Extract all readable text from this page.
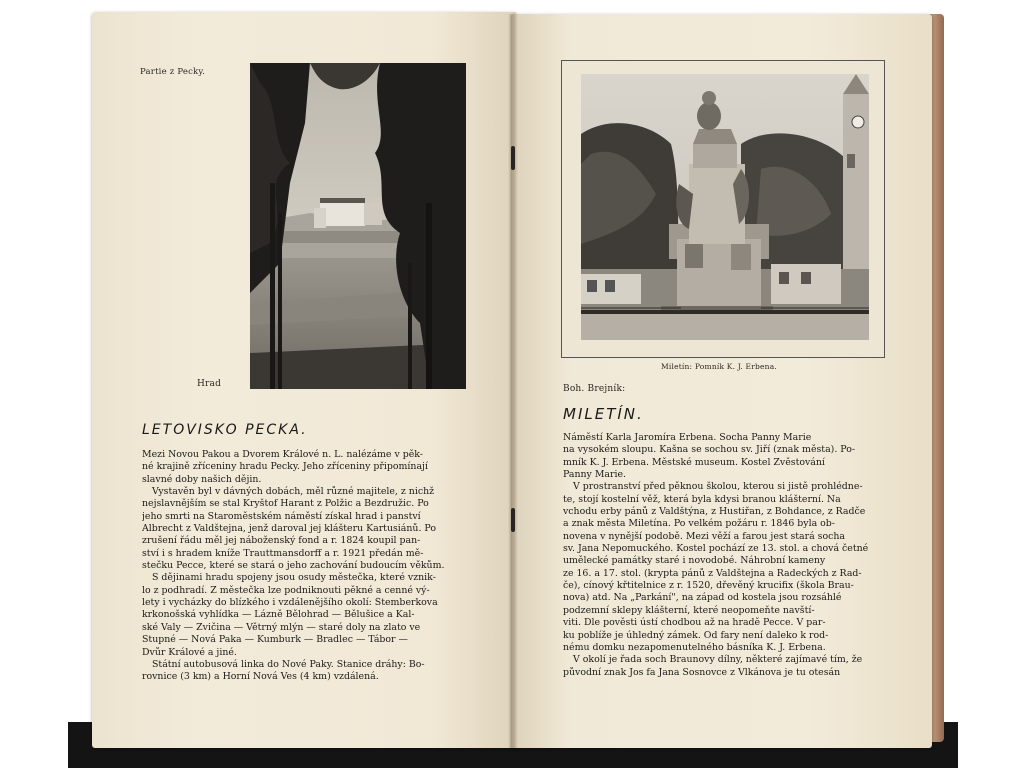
Partie z Pecky.
Hrad
LETOVISKO PECKA.
Mezi Novou Pakou a Dvorem Králové n. L. nalézáme v pěk-
né krajině zříceniny hradu Pecky. Jeho zříceniny připomínají
slavné doby našich dějin.
Vystavěn byl v dávných dobách, měl různé majitele, z nichž
nejslavnějším se stal Kryštof Harant z Polžic a Bezdružic. Po
jeho smrti na Staroměstském náměstí získal hrad i panství
Albrecht z Valdštejna, jenž daroval jej klášteru Kartusiánů. Po
zrušení řádu měl jej náboženský fond a r. 1824 koupil pan-
ství i s hradem kníže Trauttmansdorff a r. 1921 předán mě-
stečku Pecce, které se stará o jeho zachování budoucím věkům.
S dějinami hradu spojeny jsou osudy městečka, které vznik-
lo z podhradí. Z městečka lze podniknouti pěkné a cenné vý-
lety i vycházky do blízkého i vzdálenějšího okolí: Štemberkova
krkonošská vyhlídka — Lázně Bělohrad — Bělušice a Kal-
ské Valy — Zvičina — Větrný mlýn — staré doly na zlato ve
Stupné — Nová Paka — Kumburk — Bradlec — Tábor —
Dvůr Králové a jiné.
Státní autobusová linka do Nové Paky. Stanice dráhy: Bo-
rovnice (3 km) a Horní Nová Ves (4 km) vzdálená.
Miletín: Pomník K. J. Erbena.
Boh. Brejník:
MILETÍN.
Náměstí Karla Jaromíra Erbena. Socha Panny Marie
na vysokém sloupu. Kašna se sochou sv. Jiří (znak města). Po-
mník K. J. Erbena. Městské museum. Kostel Zvěstování
Panny Marie.
V prostranství před pěknou školou, kterou si jistě prohlédne-
te, stojí kostelní věž, která byla kdysi branou klášterní. Na
vchodu erby pánů z Valdštýna, z Hustiřan, z Bohdance, z Radče
a znak města Miletína. Po velkém požáru r. 1846 byla ob-
novena v nynější podobě. Mezi věží a farou jest stará socha
sv. Jana Nepomuckého. Kostel pochází ze 13. stol. a chová četné
umělecké památky staré i novodobé. Náhrobní kameny
ze 16. a 17. stol. (krypta pánů z Valdštejna a Radeckých z Rad-
če), cínový křtitelnice z r. 1520, dřevěný krucifix (škola Brau-
nova) atd. Na „Parkání", na západ od kostela jsou rozsáhlé
podzemní sklepy klášterní, které neopomeňte navští-
viti. Dle pověsti ústí chodbou až na hradě Pecce. V par-
ku poblíže je úhledný zámek. Od fary není daleko k rod-
nému domku nezapomenutelného básníka K. J. Erbena.
V okolí je řada soch Braunovy dílny, některé zajímavé tím, že
původní znak Jos fa Jana Sosnovce z Vlkánova je tu otesán
